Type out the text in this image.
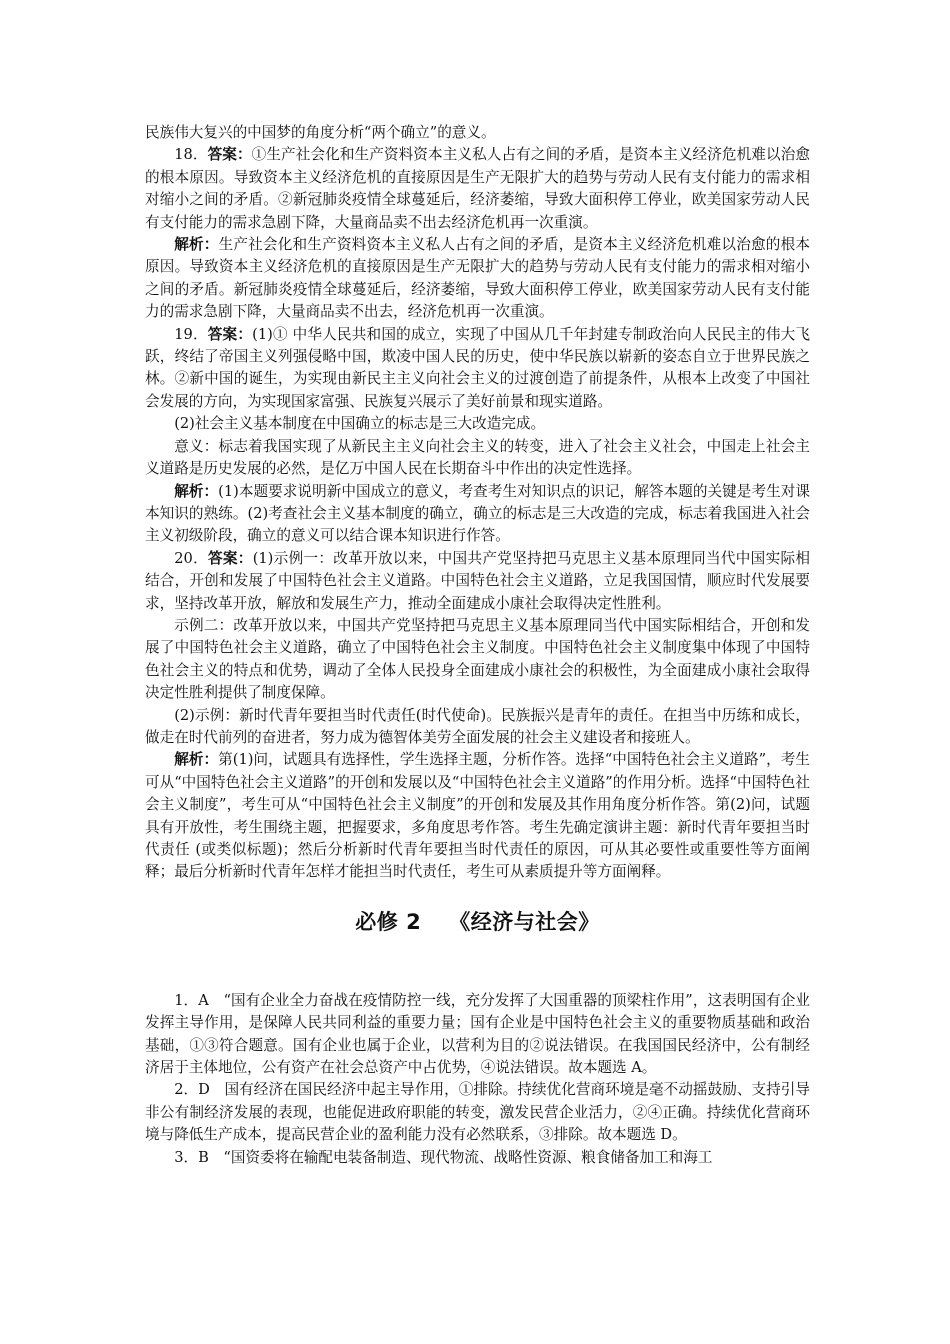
民族伟大复兴的中国梦的角度分析“两个确立”的意义。

18．答案：①生产社会化和生产资料资本主义私人占有之间的矛盾，是资本主义经济危机难以治愈的根本原因。导致资本主义经济危机的直接原因是生产无限扩大的趋势与劳动人民有支付能力的需求相对缩小之间的矛盾。②新冠肺炎疫情全球蔓延后，经济萎缩，导致大面积停工停业，欧美国家劳动人民有支付能力的需求急剧下降，大量商品卖不出去经济危机再一次重演。

解析：生产社会化和生产资料资本主义私人占有之间的矛盾，是资本主义经济危机难以治愈的根本原因。导致资本主义经济危机的直接原因是生产无限扩大的趋势与劳动人民有支付能力的需求相对缩小之间的矛盾。新冠肺炎疫情全球蔓延后，经济萎缩，导致大面积停工停业，欧美国家劳动人民有支付能力的需求急剧下降，大量商品卖不出去，经济危机再一次重演。

19．答案：(1)① 中华人民共和国的成立，实现了中国从几千年封建专制政治向人民民主的伟大飞跃，终结了帝国主义列强侵略中国，欺凌中国人民的历史，使中华民族以崭新的姿态自立于世界民族之林。②新中国的诞生，为实现由新民主主义向社会主义的过渡创造了前提条件，从根本上改变了中国社会发展的方向，为实现国家富强、民族复兴展示了美好前景和现实道路。

(2)社会主义基本制度在中国确立的标志是三大改造完成。

意义：标志着我国实现了从新民主主义向社会主义的转变，进入了社会主义社会，中国走上社会主义道路是历史发展的必然，是亿万中国人民在长期奋斗中作出的决定性选择。

解析：(1)本题要求说明新中国成立的意义，考查考生对知识点的识记，解答本题的关键是考生对课本知识的熟练。(2)考查社会主义基本制度的确立，确立的标志是三大改造的完成，标志着我国进入社会主义初级阶段，确立的意义可以结合课本知识进行作答。

20．答案：(1)示例一：改革开放以来，中国共产党坚持把马克思主义基本原理同当代中国实际相结合，开创和发展了中国特色社会主义道路。中国特色社会主义道路，立足我国国情，顺应时代发展要求，坚持改革开放，解放和发展生产力，推动全面建成小康社会取得决定性胜利。

示例二：改革开放以来，中国共产党坚持把马克思主义基本原理同当代中国实际相结合，开创和发展了中国特色社会主义道路，确立了中国特色社会主义制度。中国特色社会主义制度集中体现了中国特色社会主义的特点和优势，调动了全体人民投身全面建成小康社会的积极性，为全面建成小康社会取得决定性胜利提供了制度保障。

(2)示例：新时代青年要担当时代责任(时代使命)。民族振兴是青年的责任。在担当中历练和成长，做走在时代前列的奋进者，努力成为德智体美劳全面发展的社会主义建设者和接班人。

解析：第(1)问，试题具有选择性，学生选择主题，分析作答。选择“中国特色社会主义道路”，考生可从“中国特色社会主义道路”的开创和发展以及“中国特色社会主义道路”的作用分析。选择“中国特色社会主义制度”，考生可从“中国特色社会主义制度”的开创和发展及其作用角度分析作答。第(2)问，试题具有开放性，考生围绕主题，把握要求，多角度思考作答。考生先确定演讲主题：新时代青年要担当时代责任 (或类似标题)；然后分析新时代青年要担当时代责任的原因，可从其必要性或重要性等方面阐释；最后分析新时代青年怎样才能担当时代责任，考生可从素质提升等方面阐释。

必修 2 《经济与社会》

1．A　“国有企业全力奋战在疫情防控一线，充分发挥了大国重器的顶梁柱作用”，这表明国有企业发挥主导作用，是保障人民共同利益的重要力量；国有企业是中国特色社会主义的重要物质基础和政治基础，①③符合题意。国有企业也属于企业，以营利为目的②说法错误。在我国国民经济中，公有制经济居于主体地位，公有资产在社会总资产中占优势，④说法错误。故本题选 A。

2．D　国有经济在国民经济中起主导作用，①排除。持续优化营商环境是毫不动摇鼓励、支持引导非公有制经济发展的表现，也能促进政府职能的转变，激发民营企业活力，②④正确。持续优化营商环境与降低生产成本，提高民营企业的盈利能力没有必然联系，③排除。故本题选 D。

3．B　“国资委将在输配电装备制造、现代物流、战略性资源、粮食储备加工和海工
